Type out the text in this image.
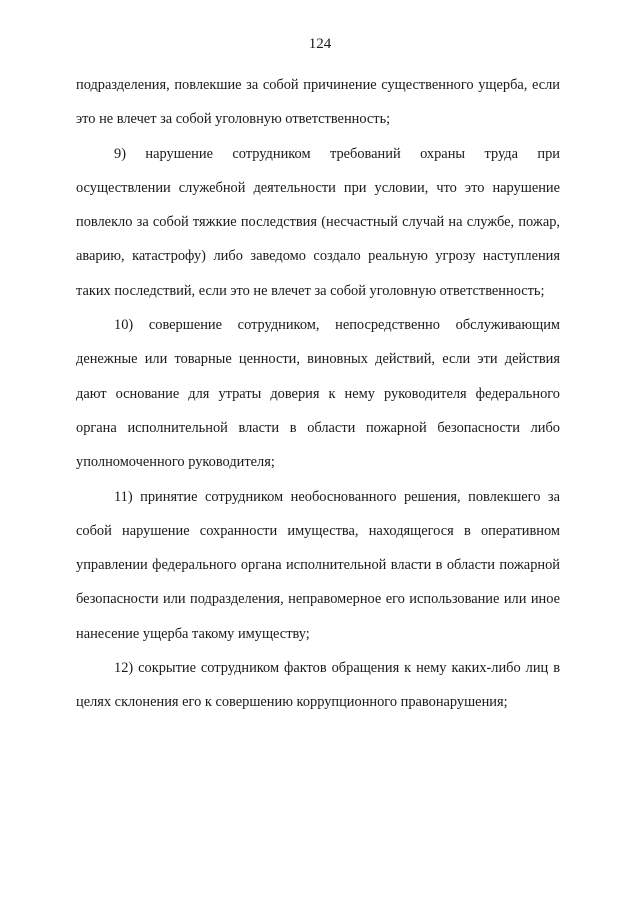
124

подразделения, повлекшие за собой причинение существенного ущерба, если это не влечет за собой уголовную ответственность;

9) нарушение сотрудником требований охраны труда при осуществлении служебной деятельности при условии, что это нарушение повлекло за собой тяжкие последствия (несчастный случай на службе, пожар, аварию, катастрофу) либо заведомо создало реальную угрозу наступления таких последствий, если это не влечет за собой уголовную ответственность;

10) совершение сотрудником, непосредственно обслуживающим денежные или товарные ценности, виновных действий, если эти действия дают основание для утраты доверия к нему руководителя федерального органа исполнительной власти в области пожарной безопасности либо уполномоченного руководителя;

11) принятие сотрудником необоснованного решения, повлекшего за собой нарушение сохранности имущества, находящегося в оперативном управлении федерального органа исполнительной власти в области пожарной безопасности или подразделения, неправомерное его использование или иное нанесение ущерба такому имуществу;

12) сокрытие сотрудником фактов обращения к нему каких-либо лиц в целях склонения его к совершению коррупционного правонарушения;
